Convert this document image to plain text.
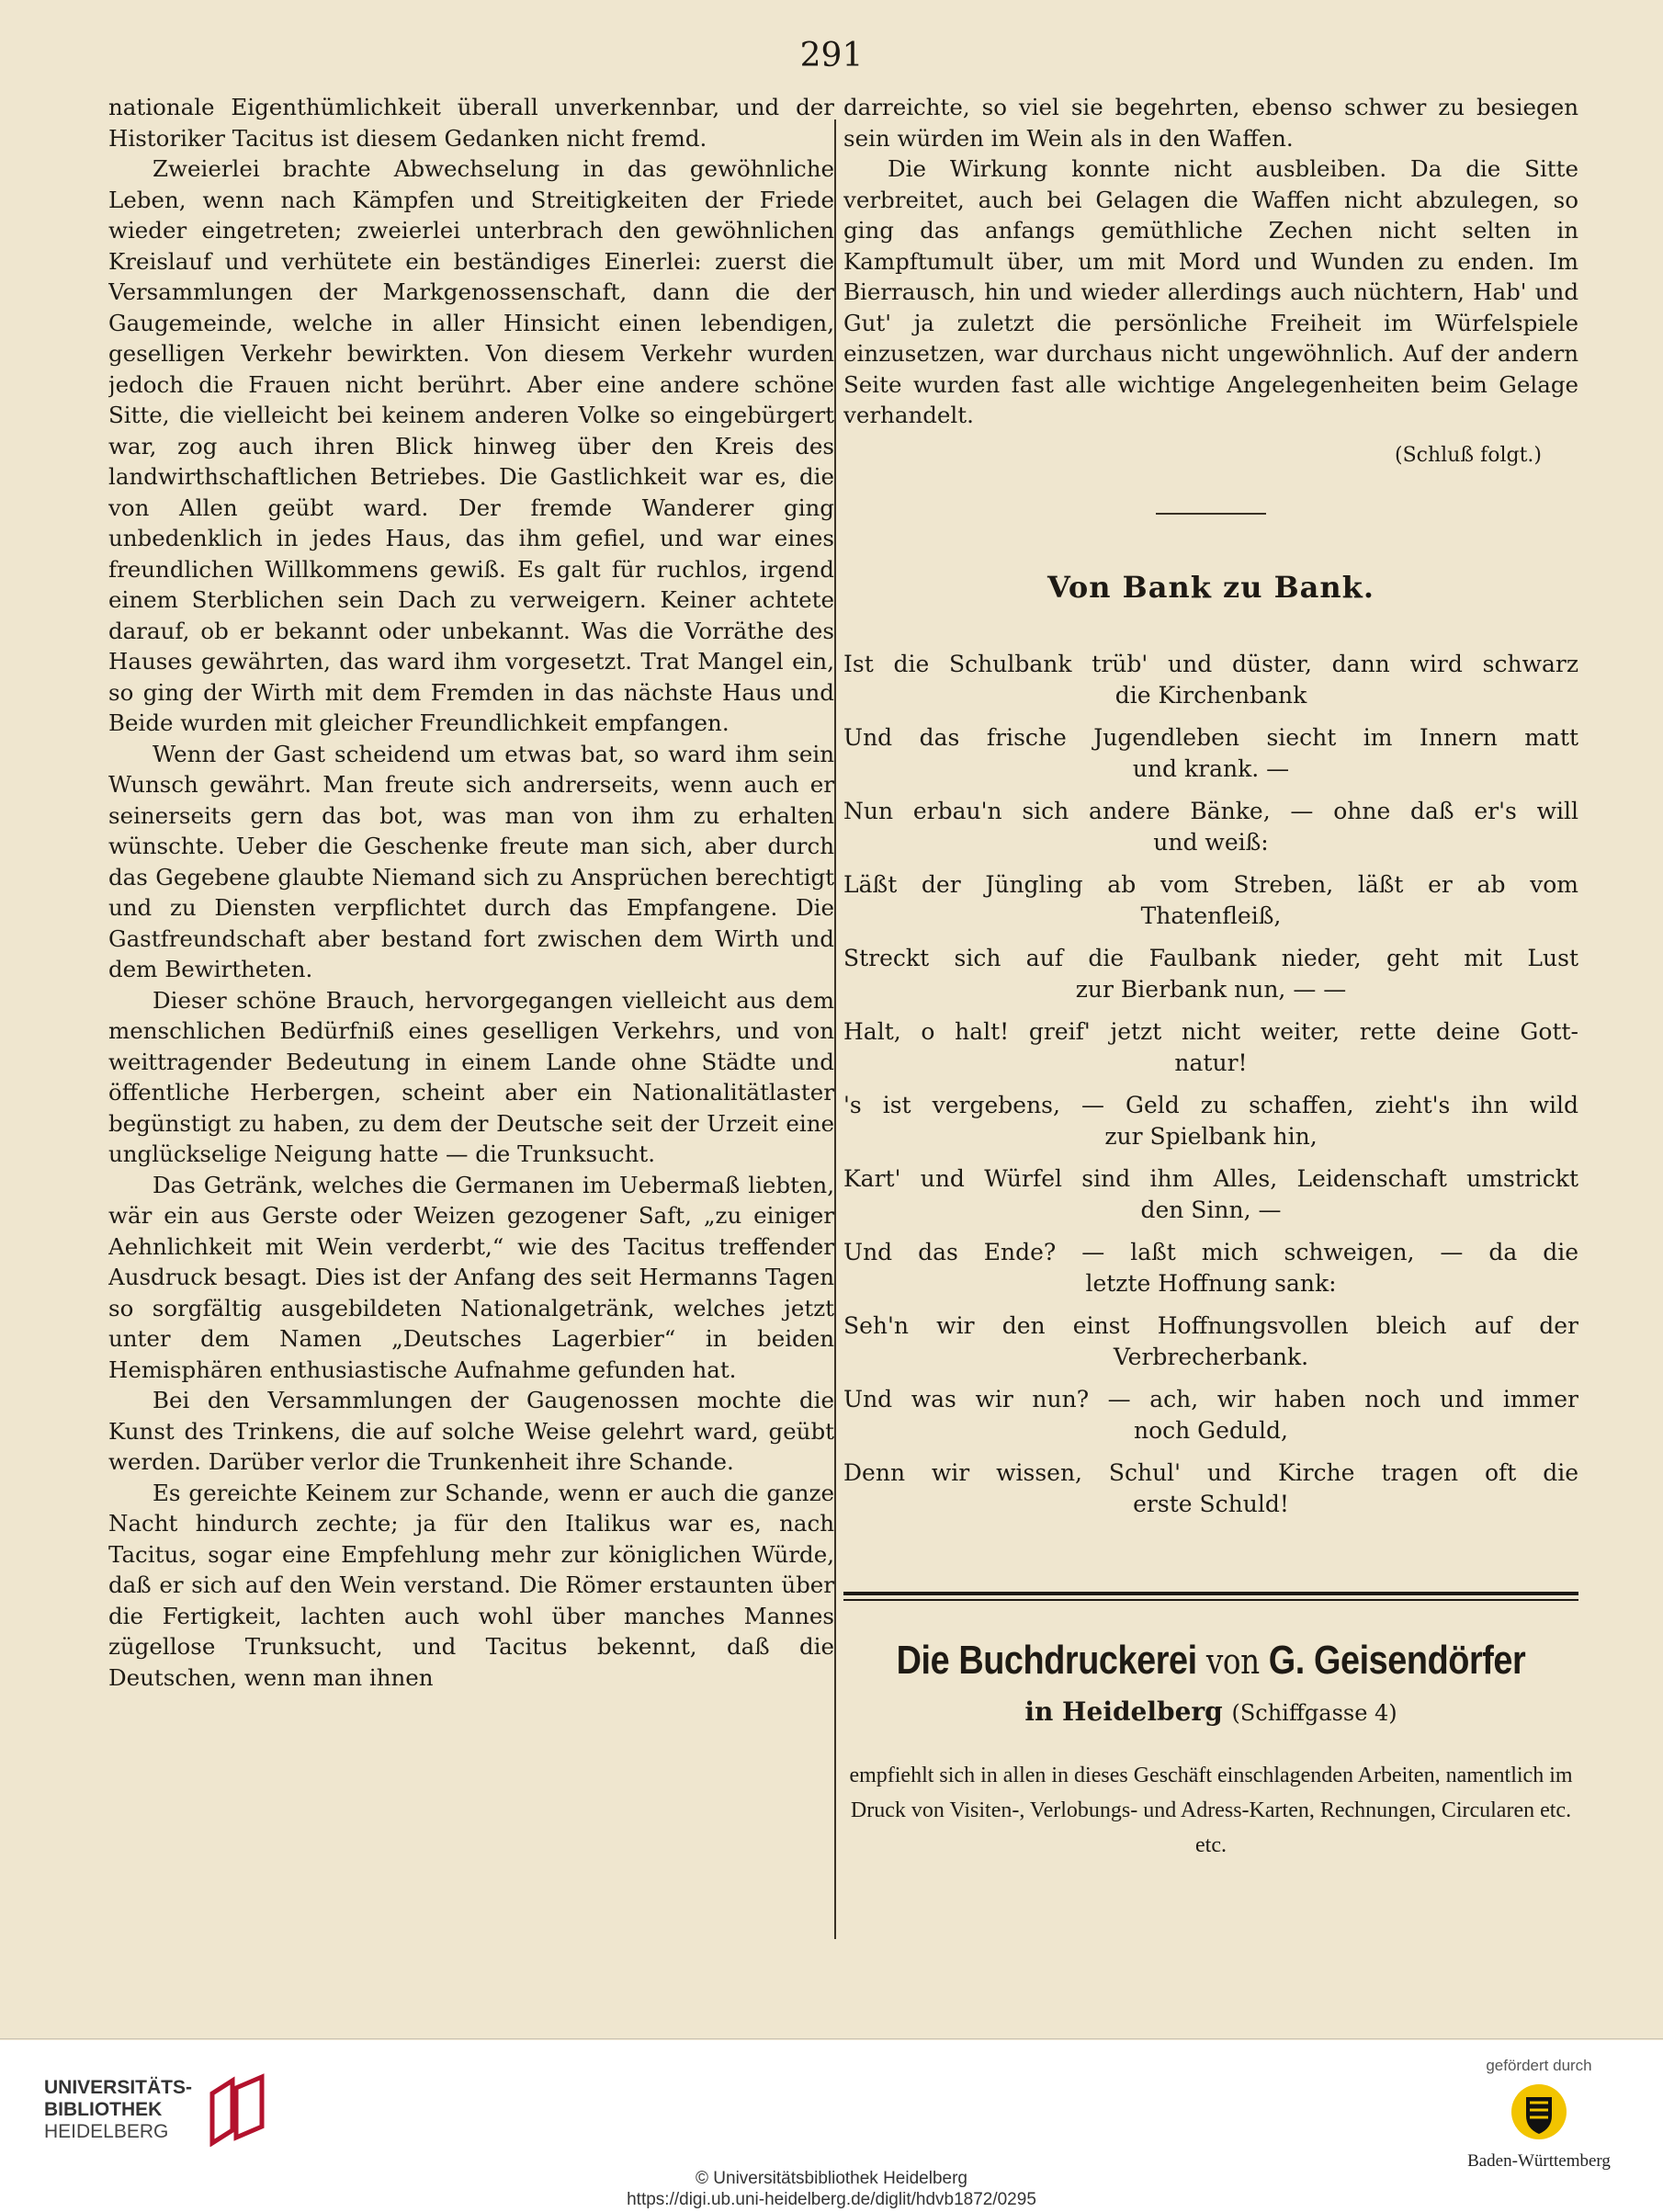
291

nationale Eigenthümlichkeit überall unverkennbar, und der Historiker Tacitus ist diesem Gedanken nicht fremd.

Zweierlei brachte Abwechselung in das gewöhnliche Leben, wenn nach Kämpfen und Streitigkeiten der Friede wieder eingetreten; zweierlei unterbrach den gewöhnlichen Kreislauf und verhütete ein beständiges Einerlei: zuerst die Versammlungen der Markgenossenschaft, dann die der Gaugemeinde, welche in aller Hinsicht einen lebendigen, geselligen Verkehr bewirkten. Von diesem Verkehr wurden jedoch die Frauen nicht berührt. Aber eine andere schöne Sitte, die vielleicht bei keinem anderen Volke so eingebürgert war, zog auch ihren Blick hinweg über den Kreis des landwirthschaftlichen Betriebes. Die Gastlichkeit war es, die von Allen geübt ward. Der fremde Wanderer ging unbedenklich in jedes Haus, das ihm gefiel, und war eines freundlichen Willkommens gewiß. Es galt für ruchlos, irgend einem Sterblichen sein Dach zu verweigern. Keiner achtete darauf, ob er bekannt oder unbekannt. Was die Vorräthe des Hauses gewährten, das ward ihm vorgesetzt. Trat Mangel ein, so ging der Wirth mit dem Fremden in das nächste Haus und Beide wurden mit gleicher Freundlichkeit empfangen.

Wenn der Gast scheidend um etwas bat, so ward ihm sein Wunsch gewährt. Man freute sich andrerseits, wenn auch er seinerseits gern das bot, was man von ihm zu erhalten wünschte. Ueber die Geschenke freute man sich, aber durch das Gegebene glaubte Niemand sich zu Ansprüchen berechtigt und zu Diensten verpflichtet durch das Empfangene. Die Gastfreundschaft aber bestand fort zwischen dem Wirth und dem Bewirtheten.

Dieser schöne Brauch, hervorgegangen vielleicht aus dem menschlichen Bedürfniß eines geselligen Verkehrs, und von weittragender Bedeutung in einem Lande ohne Städte und öffentliche Herbergen, scheint aber ein Nationalitätlaster begünstigt zu haben, zu dem der Deutsche seit der Urzeit eine unglückselige Neigung hatte — die Trunksucht.

Das Getränk, welches die Germanen im Uebermaß liebten, wär ein aus Gerste oder Weizen gezogener Saft, „zu einiger Aehnlichkeit mit Wein verderbt,“ wie des Tacitus treffender Ausdruck besagt. Dies ist der Anfang des seit Hermanns Tagen so sorgfältig ausgebildeten Nationalgetränk, welches jetzt unter dem Namen „Deutsches Lagerbier“ in beiden Hemisphären enthusiastische Aufnahme gefunden hat.

Bei den Versammlungen der Gaugenossen mochte die Kunst des Trinkens, die auf solche Weise gelehrt ward, geübt werden. Darüber verlor die Trunkenheit ihre Schande.

Es gereichte Keinem zur Schande, wenn er auch die ganze Nacht hindurch zechte; ja für den Italikus war es, nach Tacitus, sogar eine Empfehlung mehr zur königlichen Würde, daß er sich auf den Wein verstand. Die Römer erstaunten über die Fertigkeit, lachten auch wohl über manches Mannes zügellose Trunksucht, und Tacitus bekennt, daß die Deutschen, wenn man ihnen

darreichte, so viel sie begehrten, ebenso schwer zu besiegen sein würden im Wein als in den Waffen.

Die Wirkung konnte nicht ausbleiben. Da die Sitte verbreitet, auch bei Gelagen die Waffen nicht abzulegen, so ging das anfangs gemüthliche Zechen nicht selten in Kampftumult über, um mit Mord und Wunden zu enden. Im Bierrausch, hin und wieder allerdings auch nüchtern, Hab' und Gut' ja zuletzt die persönliche Freiheit im Würfelspiele einzusetzen, war durchaus nicht ungewöhnlich. Auf der andern Seite wurden fast alle wichtige Angelegenheiten beim Gelage verhandelt.

(Schluß folgt.)
Von Bank zu Bank.
Ist die Schulbank trüb' und düster, dann wird schwarz
die Kirchenbank
Und das frische Jugendleben siecht im Innern matt
und krank. —
Nun erbau'n sich andere Bänke, — ohne daß er's will
und weiß:
Läßt der Jüngling ab vom Streben, läßt er ab vom
Thatenfleiß,
Streckt sich auf die Faulbank nieder, geht mit Lust
zur Bierbank nun, — —
Halt, o halt! greif' jetzt nicht weiter, rette deine Gott-
natur!
's ist vergebens, — Geld zu schaffen, zieht's ihn wild
zur Spielbank hin,
Kart' und Würfel sind ihm Alles, Leidenschaft umstrickt
den Sinn, —
Und das Ende? — laßt mich schweigen, — da die
letzte Hoffnung sank:
Seh'n wir den einst Hoffnungsvollen bleich auf der
Verbrecherbank.
Und was wir nun? — ach, wir haben noch und immer
noch Geduld,
Denn wir wissen, Schul' und Kirche tragen oft die
erste Schuld!

Die Buchdruckerei von G. Geisendörfer

in Heidelberg (Schiffgasse 4)

empfiehlt sich in allen in dieses Geschäft einschlagenden Arbeiten, namentlich im Druck von Visiten-, Verlobungs- und Adress-Karten, Rechnungen, Circularen etc. etc.

UNIVERSITÄTS-
BIBLIOTHEK
HEIDELBERG
© Universitätsbibliothek Heidelberg
https://digi.ub.uni-heidelberg.de/diglit/hdvb1872/0295
gefördert durch
Baden-Württemberg
